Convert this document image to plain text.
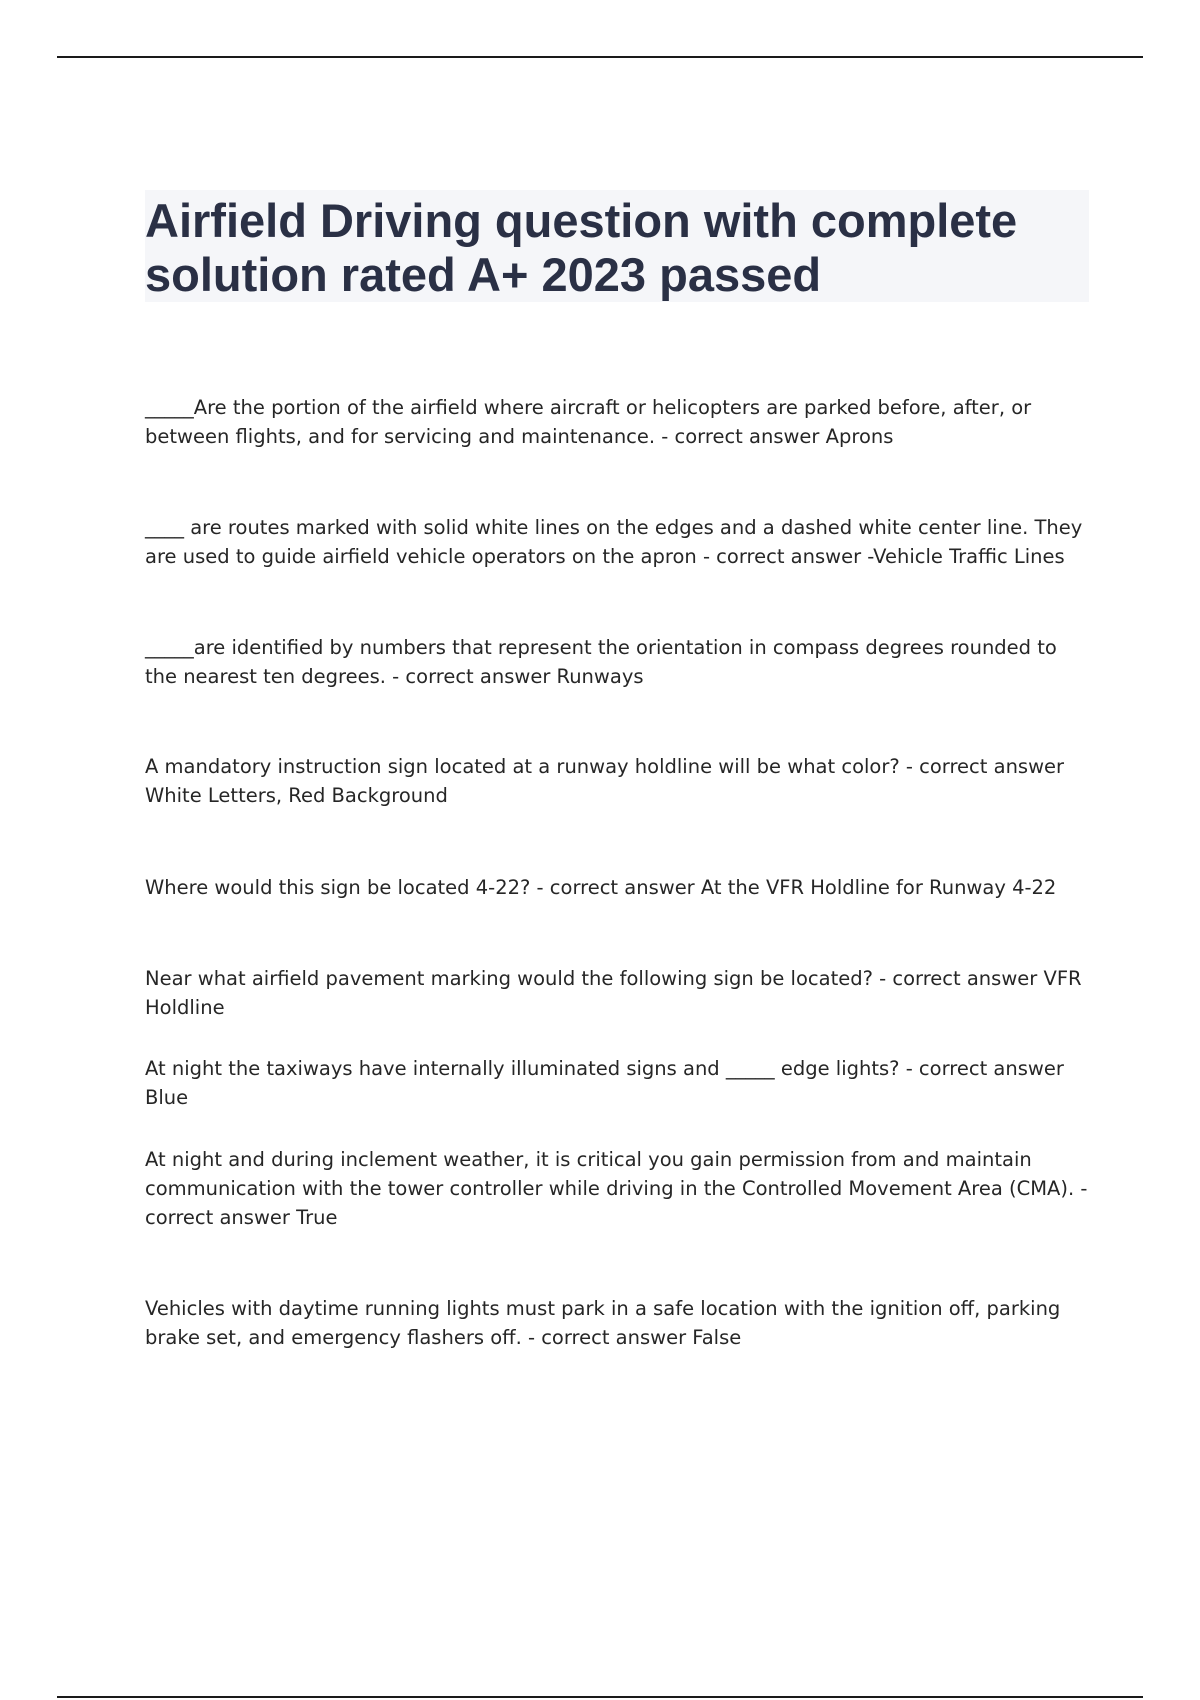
Airfield Driving question with complete solution rated A+ 2023 passed

_____Are the portion of the airfield where aircraft or helicopters are parked before, after, or between flights, and for servicing and maintenance. - correct answer Aprons

____ are routes marked with solid white lines on the edges and a dashed white center line. They are used to guide airfield vehicle operators on the apron - correct answer -Vehicle Traffic Lines

_____are identified by numbers that represent the orientation in compass degrees rounded to the nearest ten degrees. - correct answer Runways

A mandatory instruction sign located at a runway holdline will be what color? - correct answer White Letters, Red Background

Where would this sign be located 4-22? - correct answer At the VFR Holdline for Runway 4-22

Near what airfield pavement marking would the following sign be located? - correct answer VFR Holdline

At night the taxiways have internally illuminated signs and _____ edge lights? - correct answer Blue

At night and during inclement weather, it is critical you gain permission from and maintain communication with the tower controller while driving in the Controlled Movement Area (CMA). - correct answer True

Vehicles with daytime running lights must park in a safe location with the ignition off, parking brake set, and emergency flashers off. - correct answer False
